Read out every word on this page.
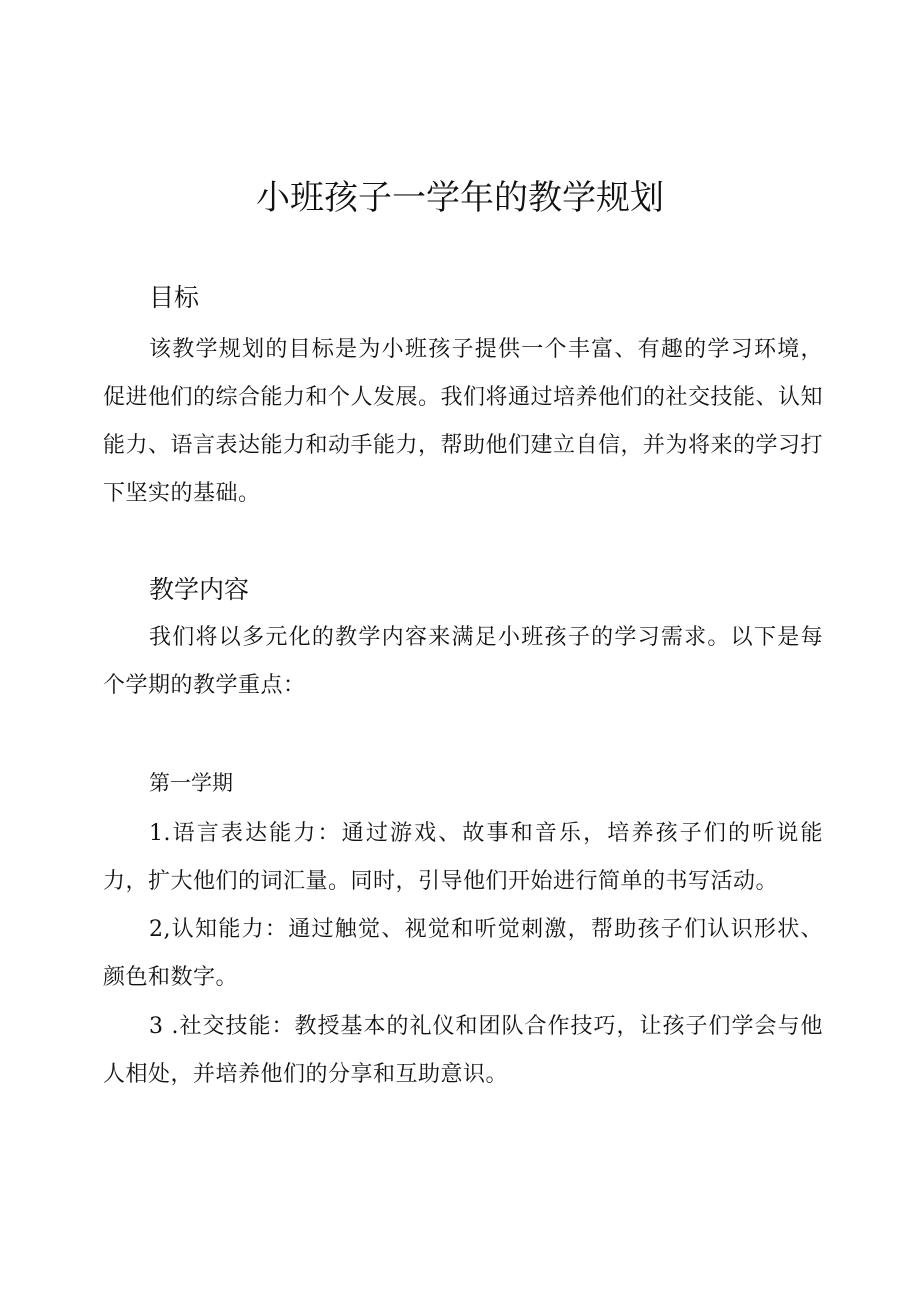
小班孩子一学年的教学规划
目标

该教学规划的目标是为小班孩子提供一个丰富、有趣的学习环境，促进他们的综合能力和个人发展。我们将通过培养他们的社交技能、认知能力、语言表达能力和动手能力，帮助他们建立自信，并为将来的学习打下坚实的基础。

教学内容

我们将以多元化的教学内容来满足小班孩子的学习需求。以下是每个学期的教学重点：

第一学期

1.语言表达能力：通过游戏、故事和音乐，培养孩子们的听说能力，扩大他们的词汇量。同时，引导他们开始进行简单的书写活动。

2,认知能力：通过触觉、视觉和听觉刺激，帮助孩子们认识形状、颜色和数字。

3 .社交技能：教授基本的礼仪和团队合作技巧，让孩子们学会与他人相处，并培养他们的分享和互助意识。
